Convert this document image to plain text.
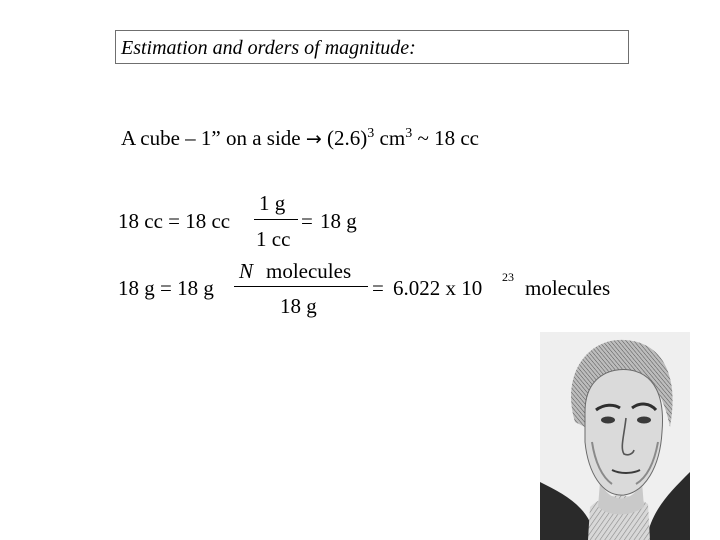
Estimation and orders of magnitude:
A cube – 1” on a side → $(2.6)^3$ $cm^3$ ~ 18 cc
18 cc = 18 cc
1 g
1 cc
= 18 g
18 g = 18 g
N molecules
18 g
= 6.022 x 10 23 molecules
